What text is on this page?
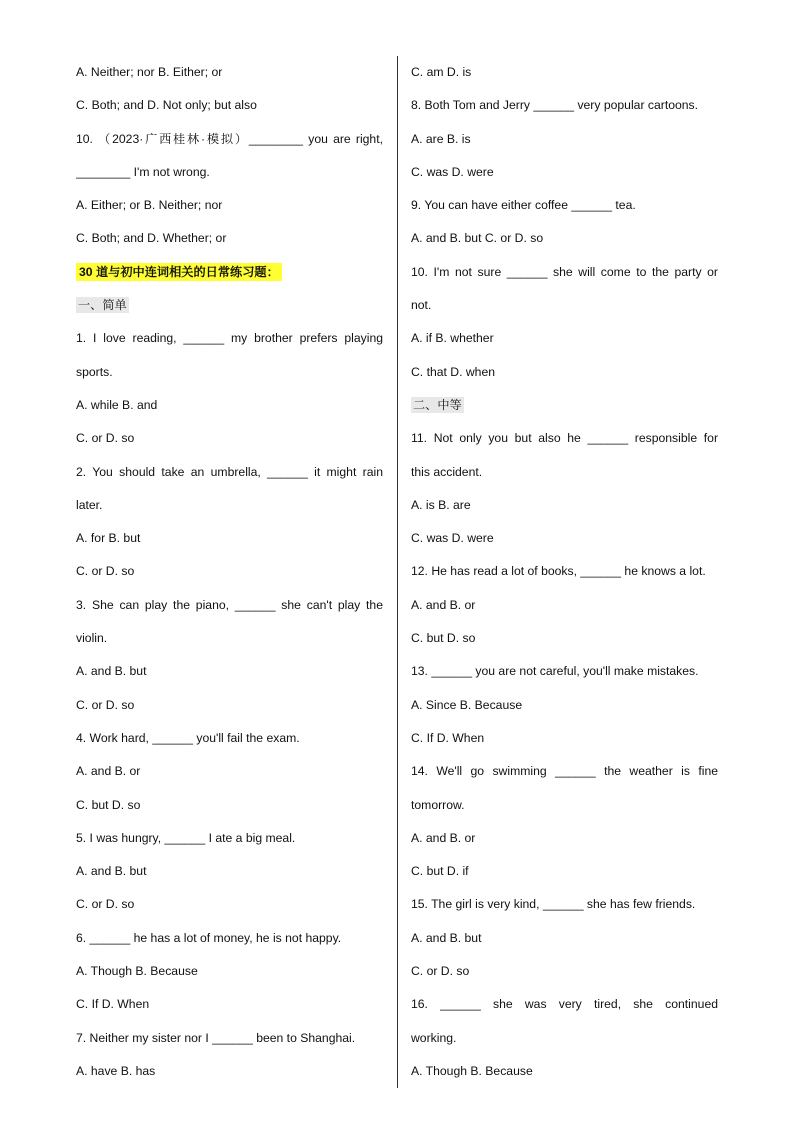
A. Neither; nor B. Either; or
C. Both; and D. Not only; but also
10. （2023·广西桂林·模拟）________ you are right,
________ I'm not wrong.
A. Either; or B. Neither; nor
C. Both; and D. Whether; or
30 道与初中连词相关的日常练习题：
一、简单
1. I love reading, ______ my brother prefers playing
sports.
A. while B. and
C. or D. so
2. You should take an umbrella, ______ it might rain
later.
A. for B. but
C. or D. so
3. She can play the piano, ______ she can't play the
violin.
A. and B. but
C. or D. so
4. Work hard, ______ you'll fail the exam.
A. and B. or
C. but D. so
5. I was hungry, ______ I ate a big meal.
A. and B. but
C. or D. so
6. ______ he has a lot of money, he is not happy.
A. Though B. Because
C. If D. When
7. Neither my sister nor I ______ been to Shanghai.
A. have B. has
C. am D. is
8. Both Tom and Jerry ______ very popular cartoons.
A. are B. is
C. was D. were
9. You can have either coffee ______ tea.
A. and B. but C. or D. so
10. I'm not sure ______ she will come to the party or
not.
A. if B. whether
C. that D. when
二、中等
11. Not only you but also he ______ responsible for
this accident.
A. is B. are
C. was D. were
12. He has read a lot of books, ______ he knows a lot.
A. and B. or
C. but D. so
13. ______ you are not careful, you'll make mistakes.
A. Since B. Because
C. If D. When
14. We'll go swimming ______ the weather is fine
tomorrow.
A. and B. or
C. but D. if
15. The girl is very kind, ______ she has few friends.
A. and B. but
C. or D. so
16. ______ she was very tired, she continued
working.
A. Though B. Because
